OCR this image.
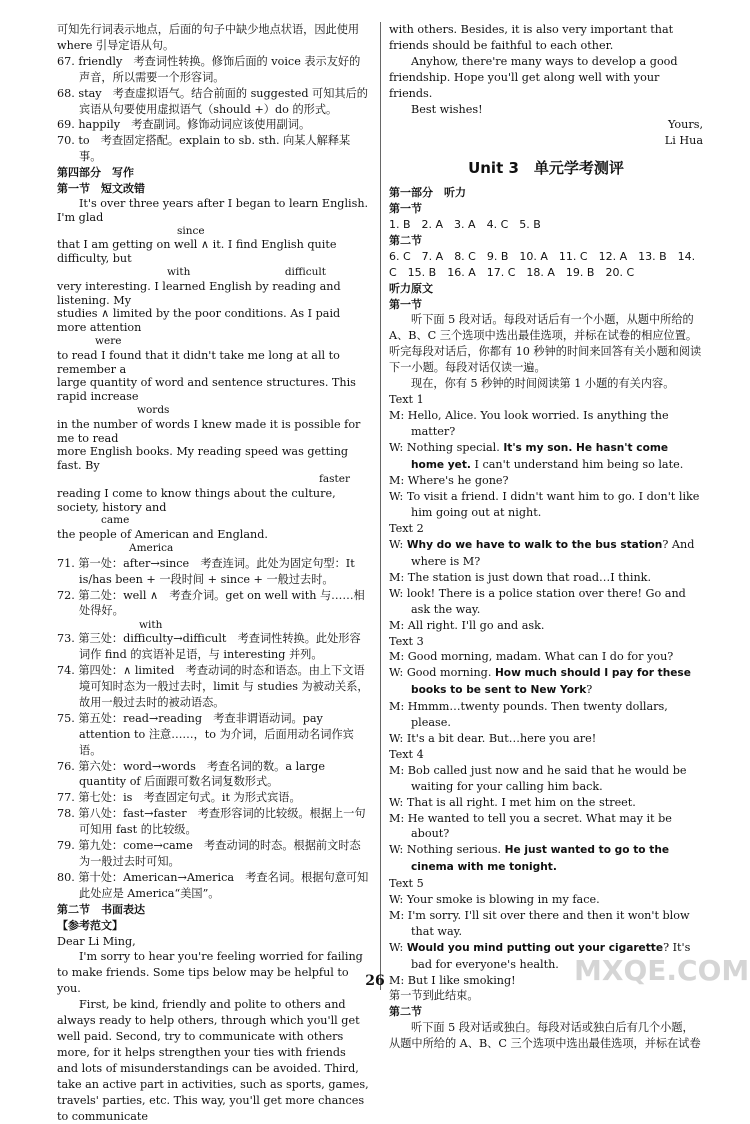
可知先行词表示地点，后面的句子中缺少地点状语，因此使用 where 引导定语从句。

67. friendly　考查词性转换。修饰后面的 voice 表示友好的声音，所以需要一个形容词。

68. stay　考查虚拟语气。结合前面的 suggested 可知其后的宾语从句要使用虚拟语气（should +）do 的形式。

69. happily　考查副词。修饰动词应该使用副词。

70. to　考查固定搭配。explain to sb. sth. 向某人解释某事。

第四部分　写作

第一节　短文改错

It's over three years after I began to learn English. I'm glad

since

that I am getting on well ∧ it. I find English quite difficulty, but

with　　　　　　　　　difficult

very interesting. I learned English by reading and listening. My

studies ∧ limited by the poor conditions. As I paid more attention

were

to read I found that it didn't take me long at all to remember a

large quantity of word and sentence structures. This rapid increase

words

in the number of words I knew made it is possible for me to read

more English books. My reading speed was getting fast. By

faster

reading I come to know things about the culture, society, history and

came

the people of American and England.

America

71. 第一处：after→since　考查连词。此处为固定句型：It is/has been + 一段时间 + since + 一般过去时。

72. 第二处：well ∧　考查介词。get on well with 与……相处得好。

with

73. 第三处：difficulty→difficult　考查词性转换。此处形容词作 find 的宾语补足语，与 interesting 并列。

74. 第四处：∧ limited　考查动词的时态和语态。由上下文语境可知时态为一般过去时，limit 与 studies 为被动关系，故用一般过去时的被动语态。

75. 第五处：read→reading　考查非谓语动词。pay attention to 注意……，to 为介词，后面用动名词作宾语。

76. 第六处：word→words　考查名词的数。a large quantity of 后面跟可数名词复数形式。

77. 第七处：is　考查固定句式。it 为形式宾语。

78. 第八处：fast→faster　考查形容词的比较级。根据上一句可知用 fast 的比较级。

79. 第九处：come→came　考查动词的时态。根据前文时态为一般过去时可知。

80. 第十处：American→America　考查名词。根据句意可知此处应是 America“美国”。

第二节　书面表达

【参考范文】

Dear Li Ming,

I'm sorry to hear you're feeling worried for failing to make friends. Some tips below may be helpful to you.

First, be kind, friendly and polite to others and always ready to help others, through which you'll get well paid. Second, try to communicate with others more, for it helps strengthen your ties with friends and lots of misunderstandings can be avoided. Third, take an active part in activities, such as sports, games, travels' parties, etc. This way, you'll get more chances to communicate

with others. Besides, it is also very important that friends should be faithful to each other.

Anyhow, there're many ways to develop a good friendship. Hope you'll get along well with your friends.

Best wishes!

Yours,

Li Hua

Unit 3　单元学考测评

第一部分　听力

第一节

1. B　2. A　3. A　4. C　5. B

第二节

6. C　7. A　8. C　9. B　10. A　11. C　12. A　13. B　14. C　15. B　16. A　17. C　18. A　19. B　20. C

听力原文

第一节

听下面 5 段对话。每段对话后有一个小题，从题中所给的 A、B、C 三个选项中选出最佳选项，并标在试卷的相应位置。听完每段对话后，你都有 10 秒钟的时间来回答有关小题和阅读下一小题。每段对话仅读一遍。

现在，你有 5 秒钟的时间阅读第 1 小题的有关内容。

Text 1

M: Hello, Alice. You look worried. Is anything the matter?

W: Nothing special. It's my son. He hasn't come home yet. I can't understand him being so late.

M: Where's he gone?

W: To visit a friend. I didn't want him to go. I don't like him going out at night.

Text 2

W: Why do we have to walk to the bus station? And where is M?

M: The station is just down that road…I think.

W: look! There is a police station over there! Go and ask the way.

M: All right. I'll go and ask.

Text 3

M: Good morning, madam. What can I do for you?

W: Good morning. How much should I pay for these books to be sent to New York?

M: Hmmm…twenty pounds. Then twenty dollars, please.

W: It's a bit dear. But…here you are!

Text 4

M: Bob called just now and he said that he would be waiting for your calling him back.

W: That is all right. I met him on the street.

M: He wanted to tell you a secret. What may it be about?

W: Nothing serious. He just wanted to go to the cinema with me tonight.

Text 5

W: Your smoke is blowing in my face.

M: I'm sorry. I'll sit over there and then it won't blow that way.

W: Would you mind putting out your cigarette? It's bad for everyone's health.

M: But I like smoking!

第一节到此结束。

第二节

听下面 5 段对话或独白。每段对话或独白后有几个小题，从题中所给的 A、B、C 三个选项中选出最佳选项，并标在试卷

26	MXQE.COM
